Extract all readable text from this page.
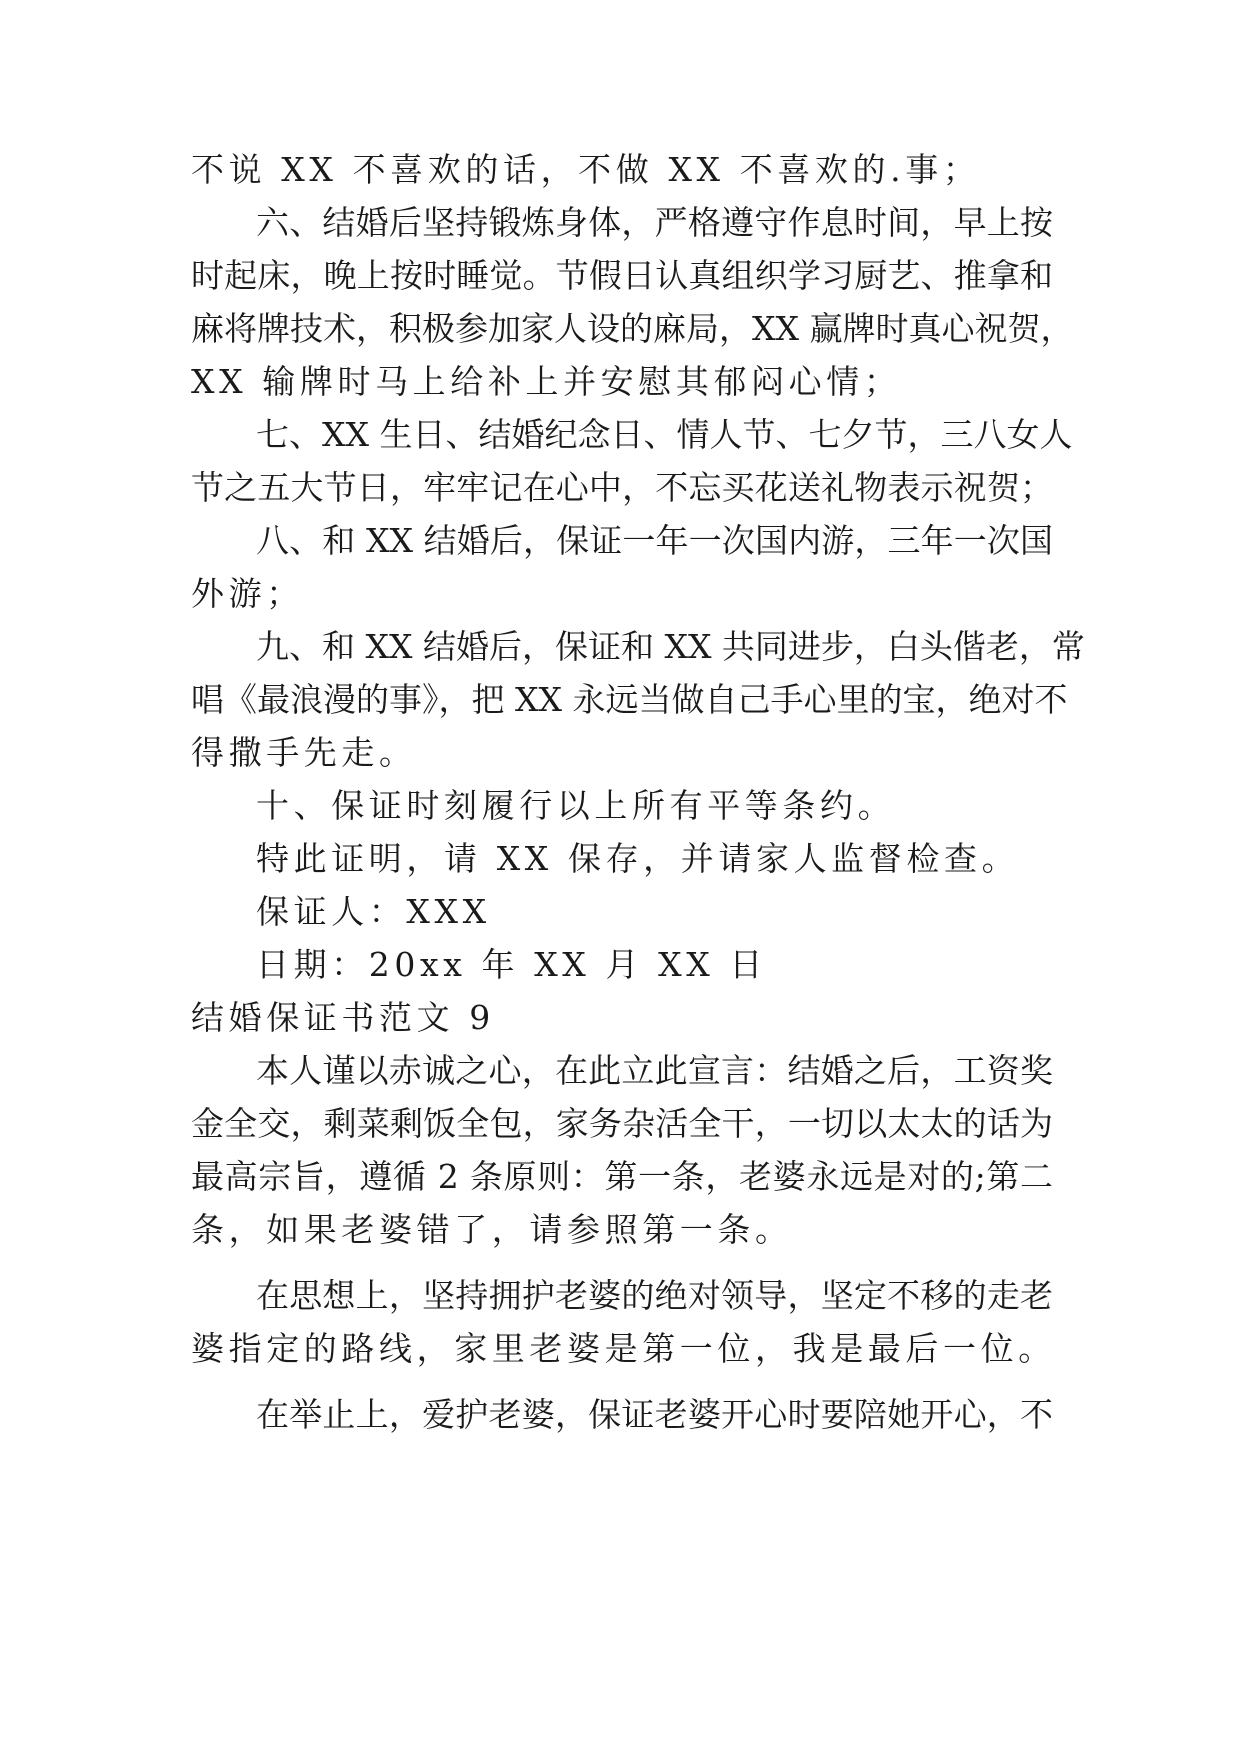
不说 XX 不喜欢的话，不做 XX 不喜欢的.事；
六、结婚后坚持锻炼身体，严格遵守作息时间，早上按
时起床，晚上按时睡觉。节假日认真组织学习厨艺、推拿和
麻将牌技术，积极参加家人设的麻局，XX 赢牌时真心祝贺，
XX 输牌时马上给补上并安慰其郁闷心情；
七、XX 生日、结婚纪念日、情人节、七夕节，三八女人
节之五大节日，牢牢记在心中，不忘买花送礼物表示祝贺；
八、和 XX 结婚后，保证一年一次国内游，三年一次国
外游；
九、和 XX 结婚后，保证和 XX 共同进步，白头偕老，常
唱《最浪漫的事》，把 XX 永远当做自己手心里的宝，绝对不
得撒手先走。
十、保证时刻履行以上所有平等条约。
特此证明，请 XX 保存，并请家人监督检查。
保证人：XXX
日期：20xx 年 XX 月 XX 日
结婚保证书范文 9
本人谨以赤诚之心，在此立此宣言：结婚之后，工资奖
金全交，剩菜剩饭全包，家务杂活全干，一切以太太的话为
最高宗旨，遵循 2 条原则：第一条，老婆永远是对的;第二
条，如果老婆错了，请参照第一条。
在思想上，坚持拥护老婆的绝对领导，坚定不移的走老
婆指定的路线，家里老婆是第一位，我是最后一位。
在举止上，爱护老婆，保证老婆开心时要陪她开心，不
